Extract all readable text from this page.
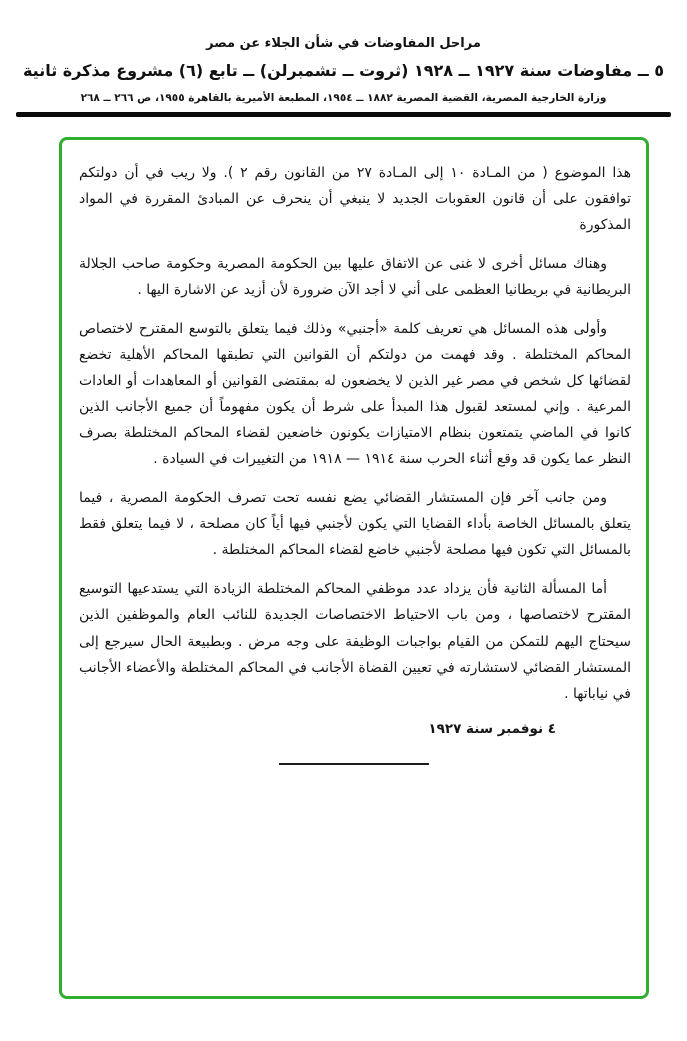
مراحل المفاوضات في شأن الجلاء عن مصر
٥ ــ مفاوضات سنة ١٩٢٧ ــ ١٩٢٨ (ثروت ــ تشمبرلن) ــ تابع (٦) مشروع مذكرة ثانية
وزارة الخارجية المصرية، القضية المصرية ١٨٨٢ ــ ١٩٥٤، المطبعة الأميرية بالقاهرة ١٩٥٥، ص ٢٦٦ ــ ٢٦٨

هذا الموضوع ( من المـادة ١٠ إلى المـادة ٢٧ من القانون رقم ٢ ). ولا ريب في أن دولتكم توافقون على أن قانون العقوبات الجديد لا ينبغي أن ينحرف عن المبادئ المقررة في المواد المذكورة

وهناك مسائل أخرى لا غنى عن الاتفاق عليها بين الحكومة المصرية وحكومة صاحب الجلالة البريطانية في بريطانيا العظمى على أني لا أجد الآن ضرورة لأن أزيد عن الاشارة اليها .

وأولى هذه المسائل هي تعريف كلمة «أجنبي» وذلك فيما يتعلق بالتوسع المقترح لاختصاص المحاكم المختلطة . وقد فهمت من دولتكم أن القوانين التي تطبقها المحاكم الأهلية تخضع لقضائها كل شخص في مصر غير الذين لا يخضعون له بمقتضى القوانين أو المعاهدات أو العادات المرعية . وإني لمستعد لقبول هذا المبدأ على شرط أن يكون مفهوماً أن جميع الأجانب الذين كانوا في الماضي يتمتعون بنظام الامتيازات يكونون خاضعين لقضاء المحاكم المختلطة بصرف النظر عما يكون قد وقع أثناء الحرب سنة ١٩١٤ — ١٩١٨ من التغييرات في السيادة .

ومن جانب آخر فإن المستشار القضائي يضع نفسه تحت تصرف الحكومة المصرية ، فيما يتعلق بالمسائل الخاصة بأداء القضايا التي يكون لأجنبي فيها أياً كان مصلحة ، لا فيما يتعلق فقط بالمسائل التي تكون فيها مصلحة لأجنبي خاضع لقضاء المحاكم المختلطة .

أما المسألة الثانية فأن يزداد عدد موظفي المحاكم المختلطة الزيادة التي يستدعيها التوسيع المقترح لاختصاصها ، ومن باب الاحتياط الاختصاصات الجديدة للنائب العام والموظفين الذين سيحتاج اليهم للتمكن من القيام بواجبات الوظيفة على وجه مرض . وبطبيعة الحال سيرجع إلى المستشار القضائي لاستشارته في تعيين القضاة الأجانب في المحاكم المختلطة والأعضاء الأجانب في نياباتها .

٤ نوفمبر سنة ١٩٢٧
